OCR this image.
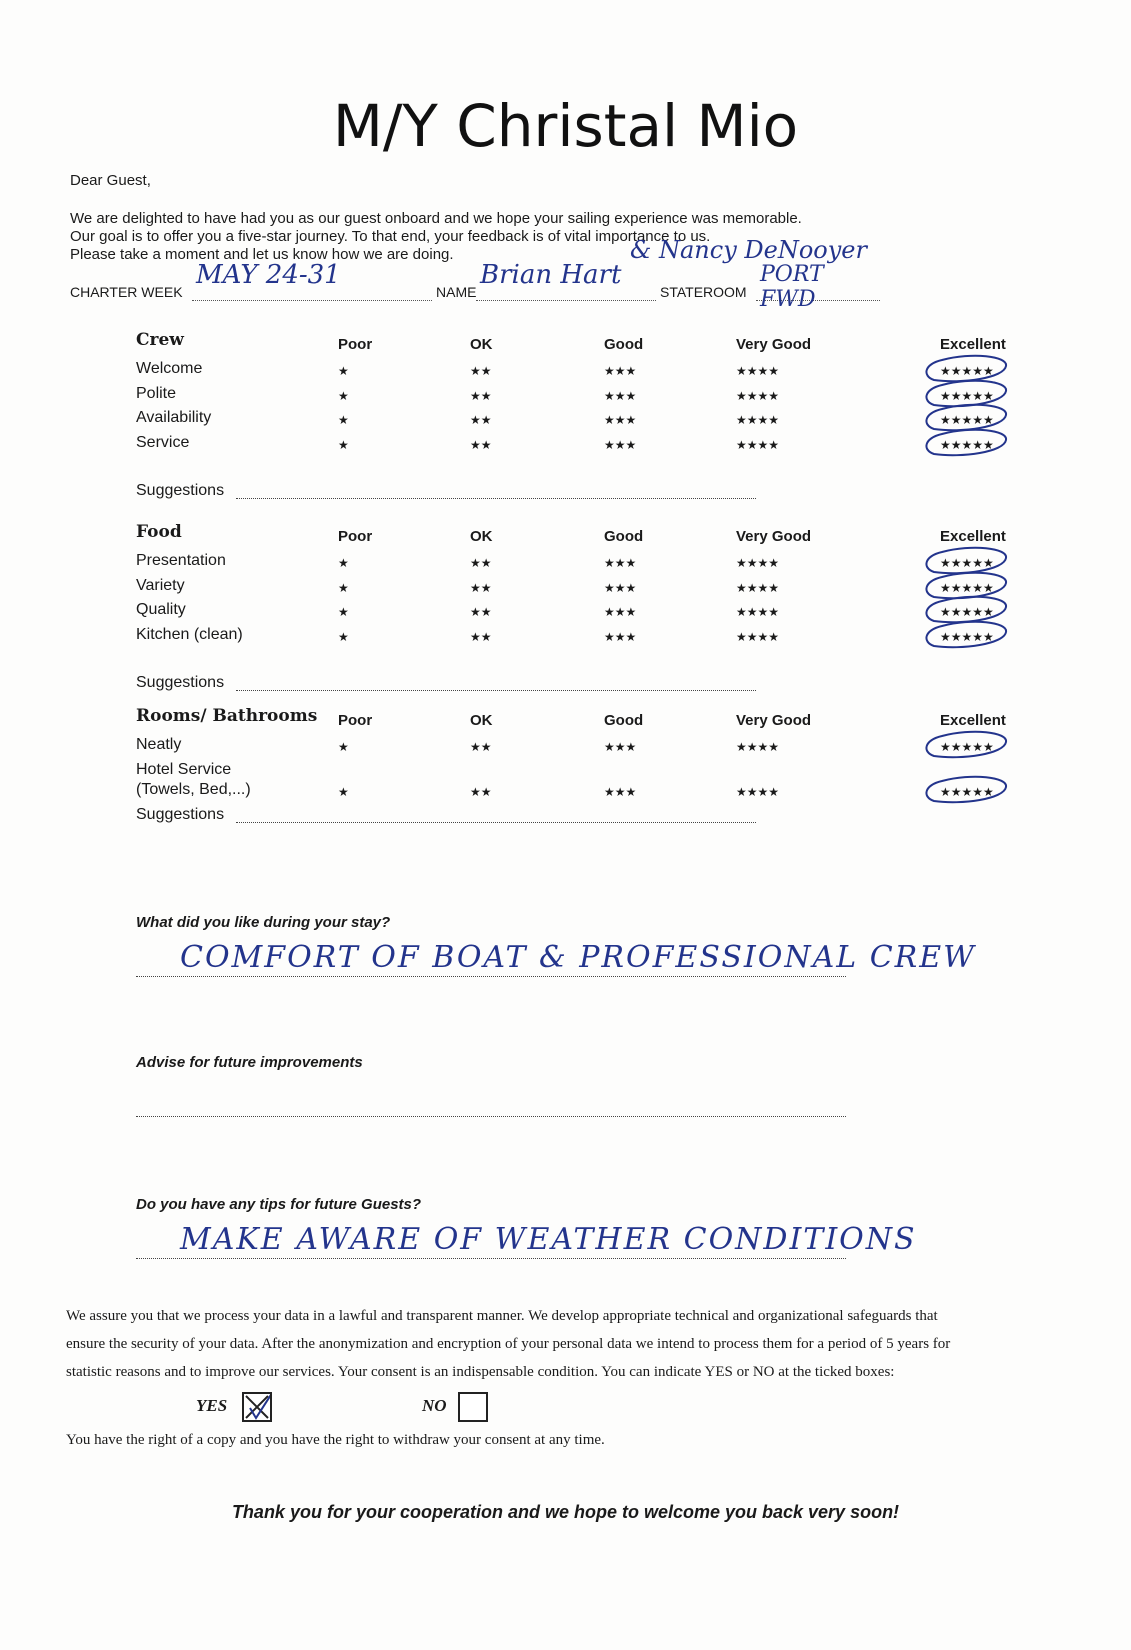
M/Y Christal Mio
Dear Guest,
We are delighted to have had you as our guest onboard and we hope your sailing experience was memorable.
Our goal is to offer you a five-star journey. To that end, your feedback is of vital importance to us.
Please take a moment and let us know how we are doing.
CHARTER WEEK
MAY 24-31
NAME
Brian Hart
& Nancy DeNooyer
STATEROOM
PORT FWD
Crew	Poor	OK	Good	Very Good	Excellent
Welcome	★	★★	★★★	★★★★	★★★★★
Polite	★	★★	★★★	★★★★	★★★★★
Availability	★	★★	★★★	★★★★	★★★★★
Service	★	★★	★★★	★★★★	★★★★★
Suggestions
Food	Poor	OK	Good	Very Good	Excellent
Presentation	★	★★	★★★	★★★★	★★★★★
Variety	★	★★	★★★	★★★★	★★★★★
Quality	★	★★	★★★	★★★★	★★★★★
Kitchen (clean)	★	★★	★★★	★★★★	★★★★★
Suggestions
Rooms/ Bathrooms Poor	OK	Good	Very Good	Excellent
Neatly	★	★★	★★★	★★★★	★★★★★
Hotel Service
(Towels, Bed,...)	★	★★	★★★	★★★★	★★★★★
Suggestions
What did you like during your stay?
COMFORT OF BOAT & PROFESSIONAL CREW
Advise for future improvements
Do you have any tips for future Guests?
MAKE AWARE OF WEATHER CONDITIONS
We assure you that we process your data in a lawful and transparent manner. We develop appropriate technical and organizational safeguards that
ensure the security of your data. After the anonymization and encryption of your personal data we intend to process them for a period of 5 years for
statistic reasons and to improve our services. Your consent is an indispensable condition. You can indicate YES or NO at the ticked boxes:
YES	NO
You have the right of a copy and you have the right to withdraw your consent at any time.
Thank you for your cooperation and we hope to welcome you back very soon!
